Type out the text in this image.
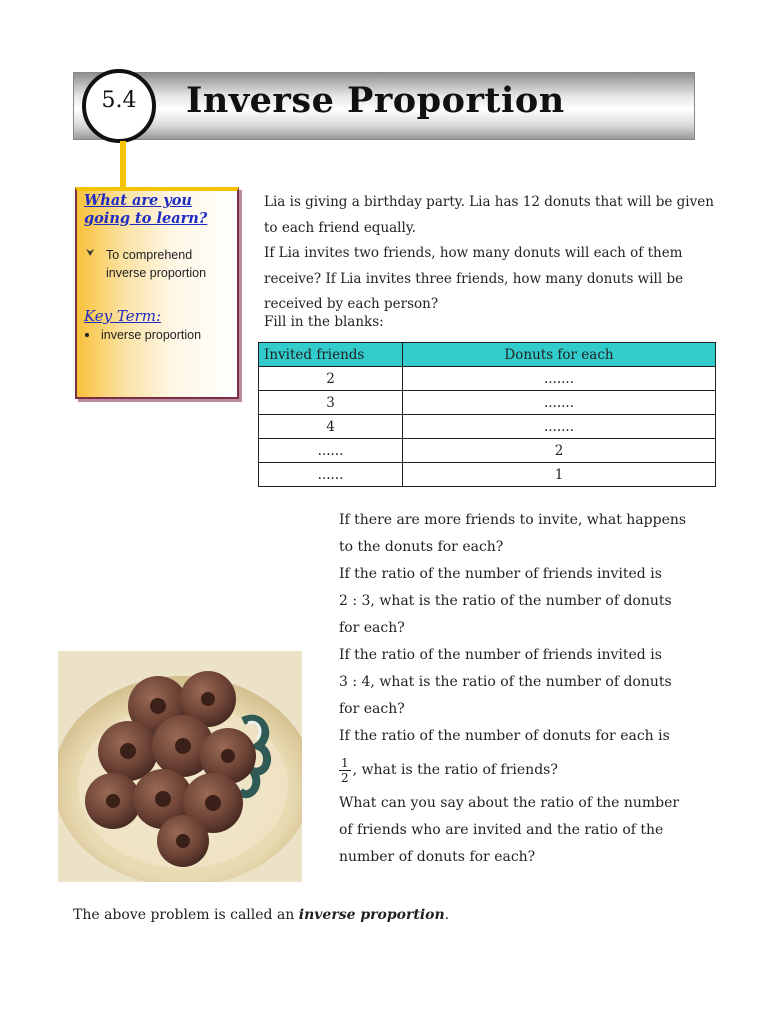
5.4	Inverse Proportion
What are you going to learn?
⮟ To comprehend inverse proportion
Key Term:
inverse proportion
Lia is giving a birthday party. Lia has 12 donuts that will be given to each friend equally.
If Lia invites two friends, how many donuts will each of them receive? If Lia invites three friends, how many donuts will be received by each person?
Fill in the blanks:
Invited friends	Donuts for each
2	.......
3	.......
4	.......
......	2
......	1
If there are more friends to invite, what happens
to the donuts for each?
If the ratio of the number of friends invited is
2 : 3, what is the ratio of the number of donuts
for each?
If the ratio of the number of friends invited is
3 : 4, what is the ratio of the number of donuts
for each?
If the ratio of the number of donuts for each is
$\frac{1}{2}$ , what is the ratio of friends?
What can you say about the ratio of the number
of friends who are invited and the ratio of the
number of donuts for each?
The above problem is called an inverse proportion.
